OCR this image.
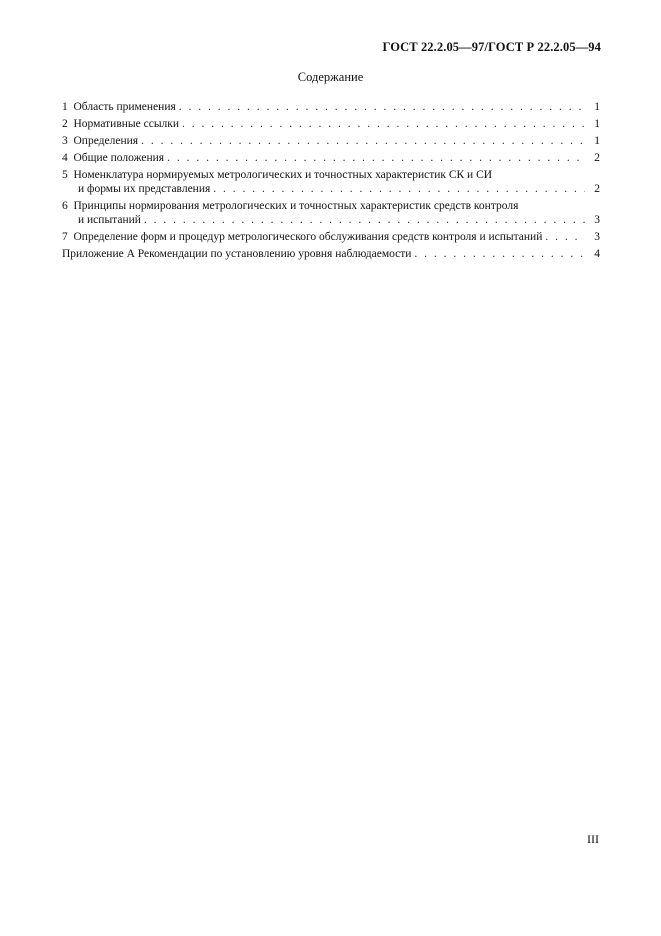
ГОСТ 22.2.05—97/ГОСТ Р 22.2.05—94
Содержание
1 Область применения . . .	1
2 Нормативные ссылки . . .	1
3 Определения . . .	1
4 Общие положения . . .	2
5 Номенклатура нормируемых метрологических и точностных характеристик СК и СИ
и формы их представления . . .	2
6 Принципы нормирования метрологических и точностных характеристик средств контроля
и испытаний . . .	3
7 Определение форм и процедур метрологического обслуживания средств контроля и испытаний . . .	3
Приложение А Рекомендации по установлению уровня наблюдаемости . . .	4
III
